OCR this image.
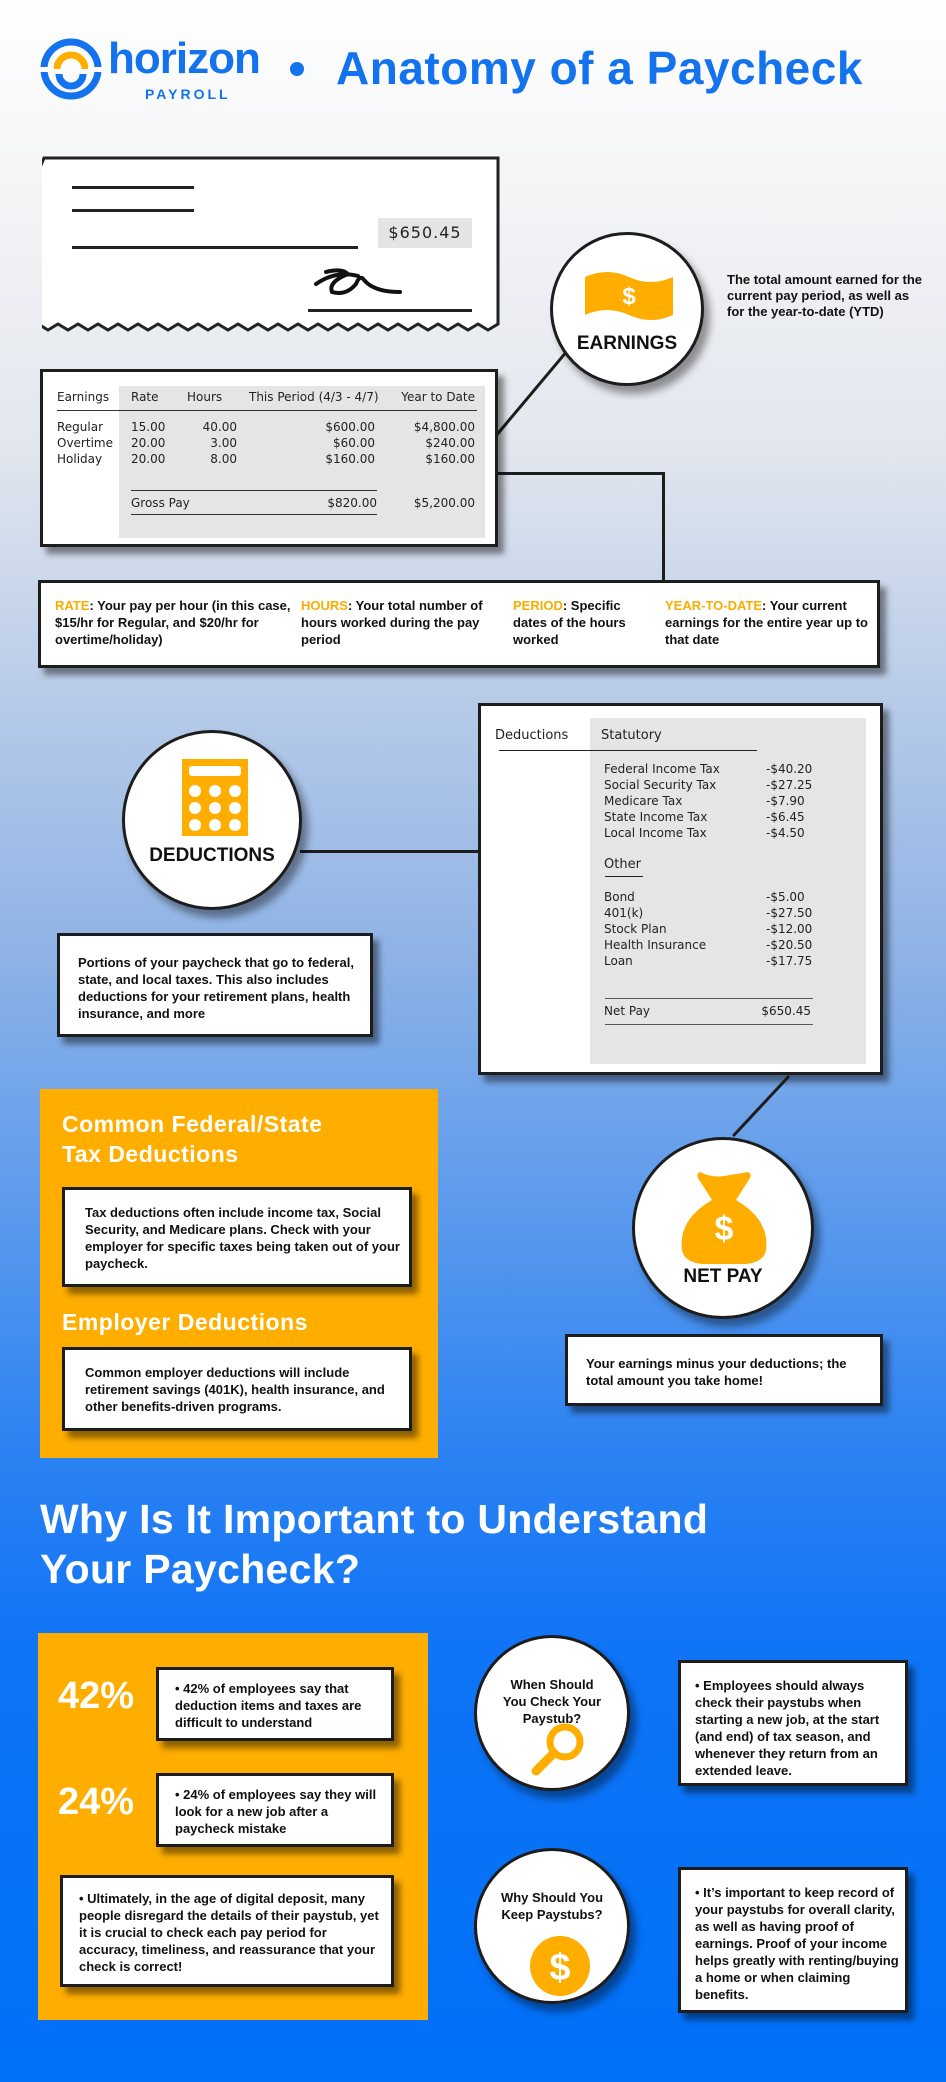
horizon
PAYROLL Anatomy of a Paycheck
$650.45
$
EARNINGS
The total amount earned for the current pay period, as well as for the year-to-date (YTD)
Earnings Rate Hours	This Period (4/3 - 4/7)	Year to Date
Regular 15.00	40.00	$600.00	$4,800.00
Overtime 20.00	3.00	$60.00	$240.00
Holiday 20.00	8.00	$160.00	$160.00
Gross Pay	$820.00	$5,200.00
RATE: Your pay per hour (in this case, $15/hr for Regular, and $20/hr for overtime/holiday)
HOURS: Your total number of hours worked during the pay period
PERIOD: Specific dates of the hours worked
YEAR-TO-DATE: Your current earnings for the entire year up to that date
DEDUCTIONS
Portions of your paycheck that go to federal, state, and local taxes. This also includes deductions for your retirement plans, health insurance, and more
Deductions	Statutory
Federal Income Tax	-$40.20
Social Security Tax	-$27.25
Medicare Tax	-$7.90
State Income Tax	-$6.45
Local Income Tax	-$4.50
Other
Bond	-$5.00
401(k)	-$27.50
Stock Plan	-$12.00
Health Insurance	-$20.50
Loan	-$17.75
Net Pay	$650.45
Common Federal/State
Tax Deductions
Tax deductions often include income tax, Social Security, and Medicare plans. Check with your employer for specific taxes being taken out of your paycheck.
Employer Deductions
Common employer deductions will include retirement savings (401K), health insurance, and other benefits-driven programs.
$
NET PAY
Your earnings minus your deductions; the total amount you take home!
Why Is It Important to Understand
Your Paycheck?
42%	• 42% of employees say that deduction items and taxes are difficult to understand
24%	• 24% of employees say they will look for a new job after a paycheck mistake
• Ultimately, in the age of digital deposit, many people disregard the details of their paystub, yet it is crucial to check each pay period for accuracy, timeliness, and reassurance that your check is correct!
When Should You Check Your Paystub?
• Employees should always check their paystubs when starting a new job, at the start (and end) of tax season, and whenever they return from an extended leave.
Why Should You Keep Paystubs?
$
• It’s important to keep record of your paystubs for overall clarity, as well as having proof of earnings. Proof of your income helps greatly with renting/buying a home or when claiming benefits.
